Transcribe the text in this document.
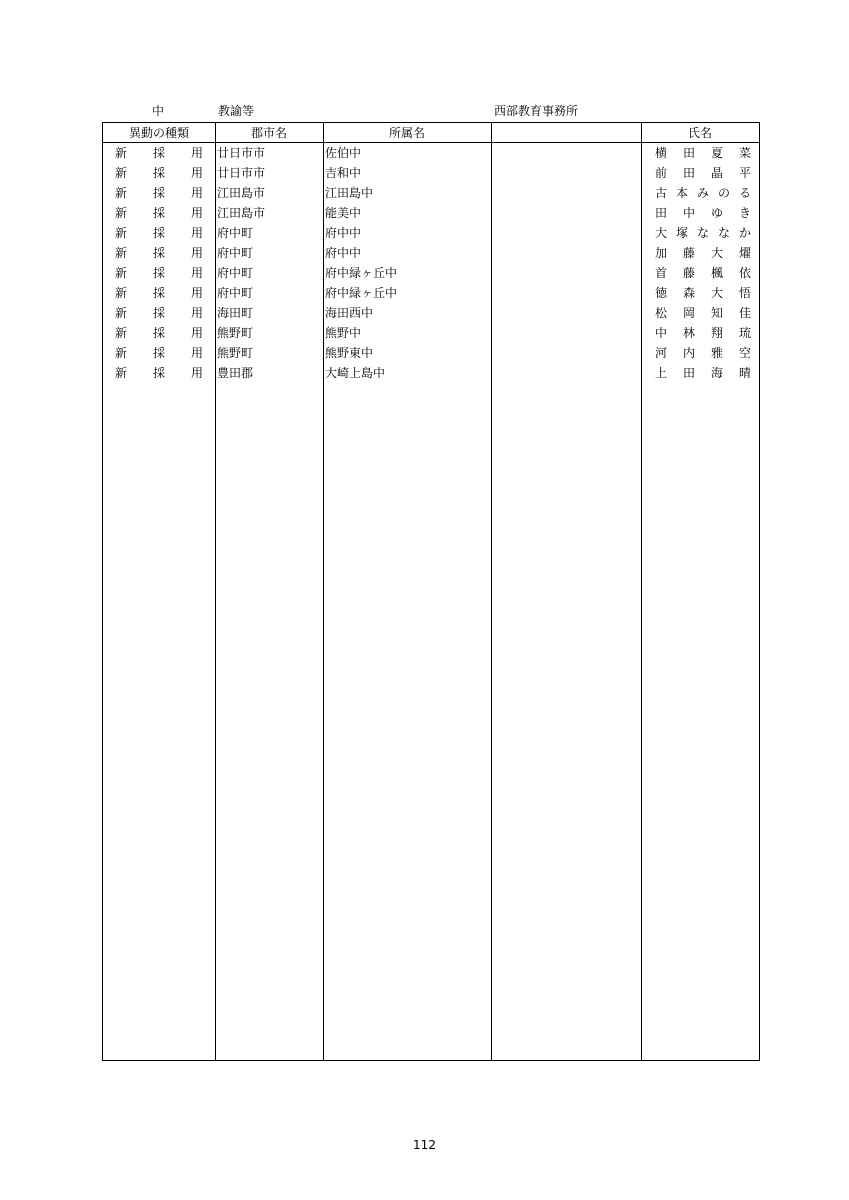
中	教諭等	西部教育事務所
異動の種類	郡市名	所属名	氏名
新 採 用 廿日市市	佐伯中	横 田 夏 菜
新 採 用 廿日市市	吉和中	前 田 晶 平
新 採 用 江田島市	江田島中	古 本 み の る
新 採 用 江田島市	能美中	田 中 ゆ き
新 採 用 府中町	府中中	大 塚 な な か
新 採 用 府中町	府中中	加 藤 大 燿
新 採 用 府中町	府中緑ヶ丘中	首 藤 楓 依
新 採 用 府中町	府中緑ヶ丘中	徳 森 大 悟
新 採 用 海田町	海田西中	松 岡 知 佳
新 採 用 熊野町	熊野中	中 林 翔 琉
新 採 用 熊野町	熊野東中	河 内 雅 空
新 採 用 豊田郡	大崎上島中	上 田 海 晴
112
